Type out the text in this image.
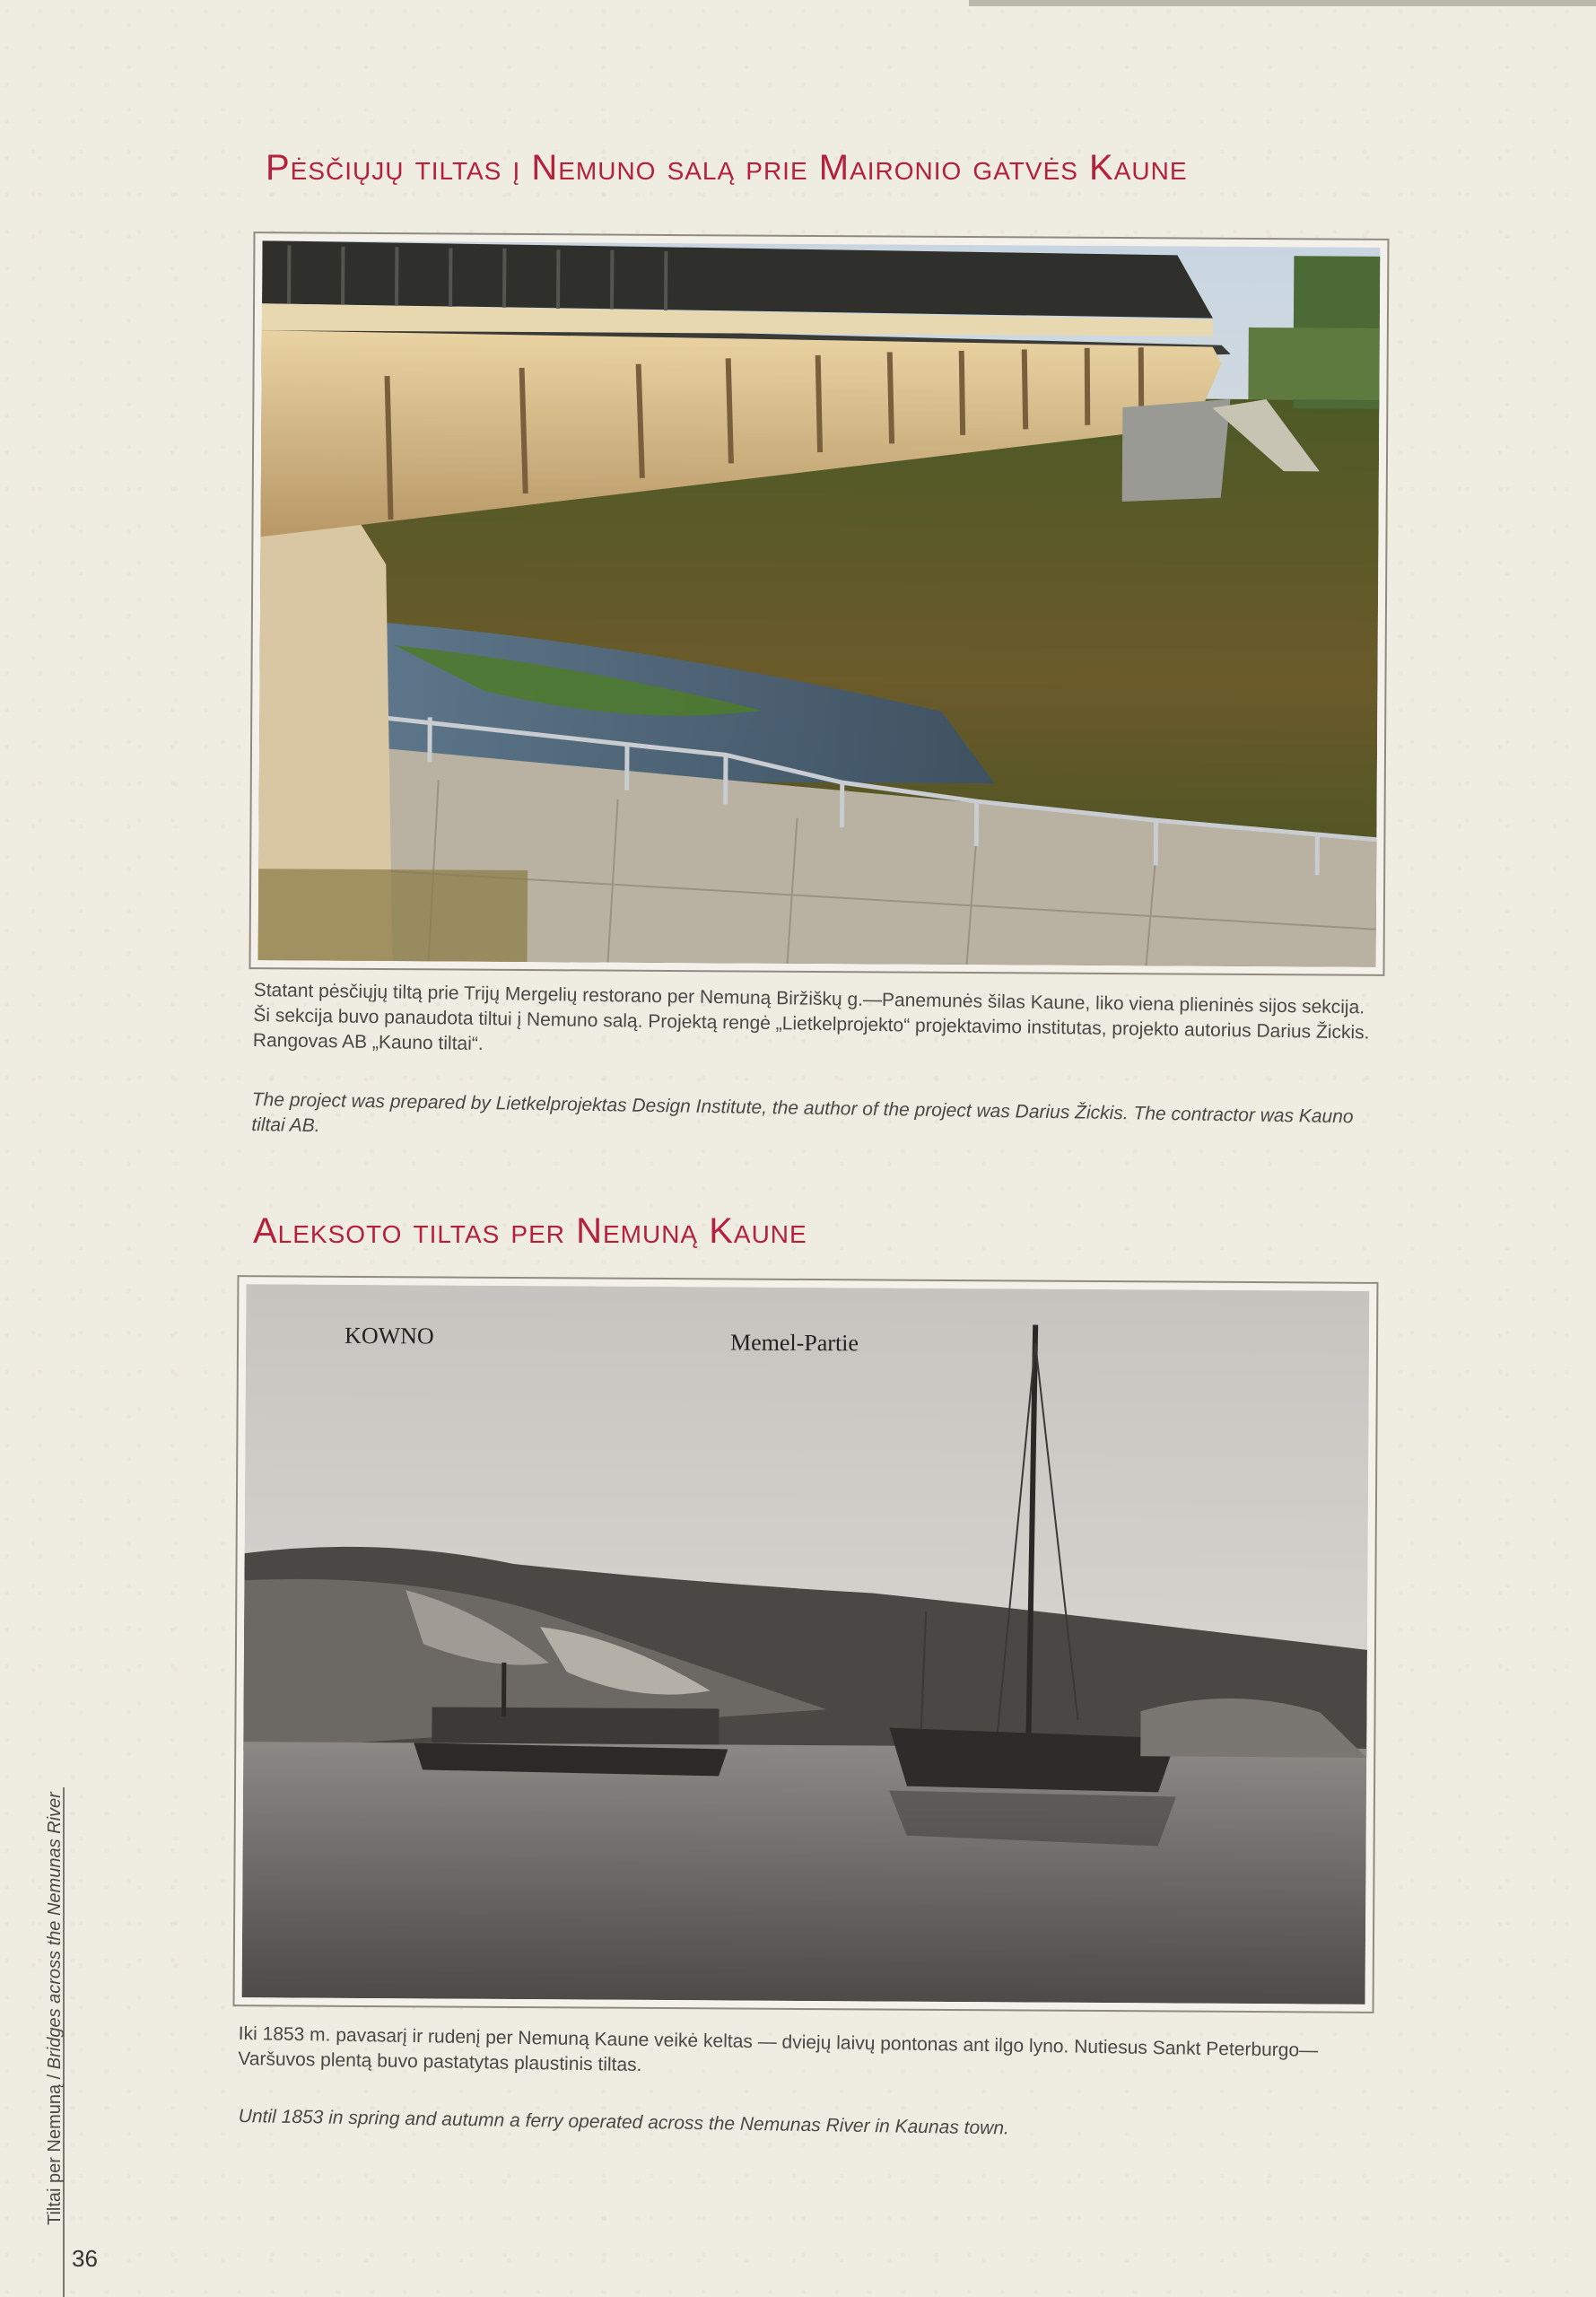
Pėsčiųjų tiltas į Nemuno salą prie Maironio gatvės Kaune

Statant pėsčiųjų tiltą prie Trijų Mergelių restorano per Nemuną Biržiškų g.—Panemunės šilas Kaune, liko viena plieninės sijos sekcija. Ši sekcija buvo panaudota tiltui į Nemuno salą. Projektą rengė „Lietkelprojekto“ projektavimo institutas, projekto autorius Darius Žickis. Rangovas AB „Kauno tiltai“.

The project was prepared by Lietkelprojektas Design Institute, the author of the project was Darius Žickis. The contractor was Kauno tiltai AB.

Aleksoto tiltas per Nemuną Kaune
KOWNO	Memel-Partie

Iki 1853 m. pavasarį ir rudenį per Nemuną Kaune veikė keltas — dviejų laivų pontonas ant ilgo lyno. Nutiesus Sankt Peterburgo—Varšuvos plentą buvo pastatytas plaustinis tiltas.

Until 1853 in spring and autumn a ferry operated across the Nemunas River in Kaunas town.

Tiltai per Nemuną / Bridges across the Nemunas River
36
